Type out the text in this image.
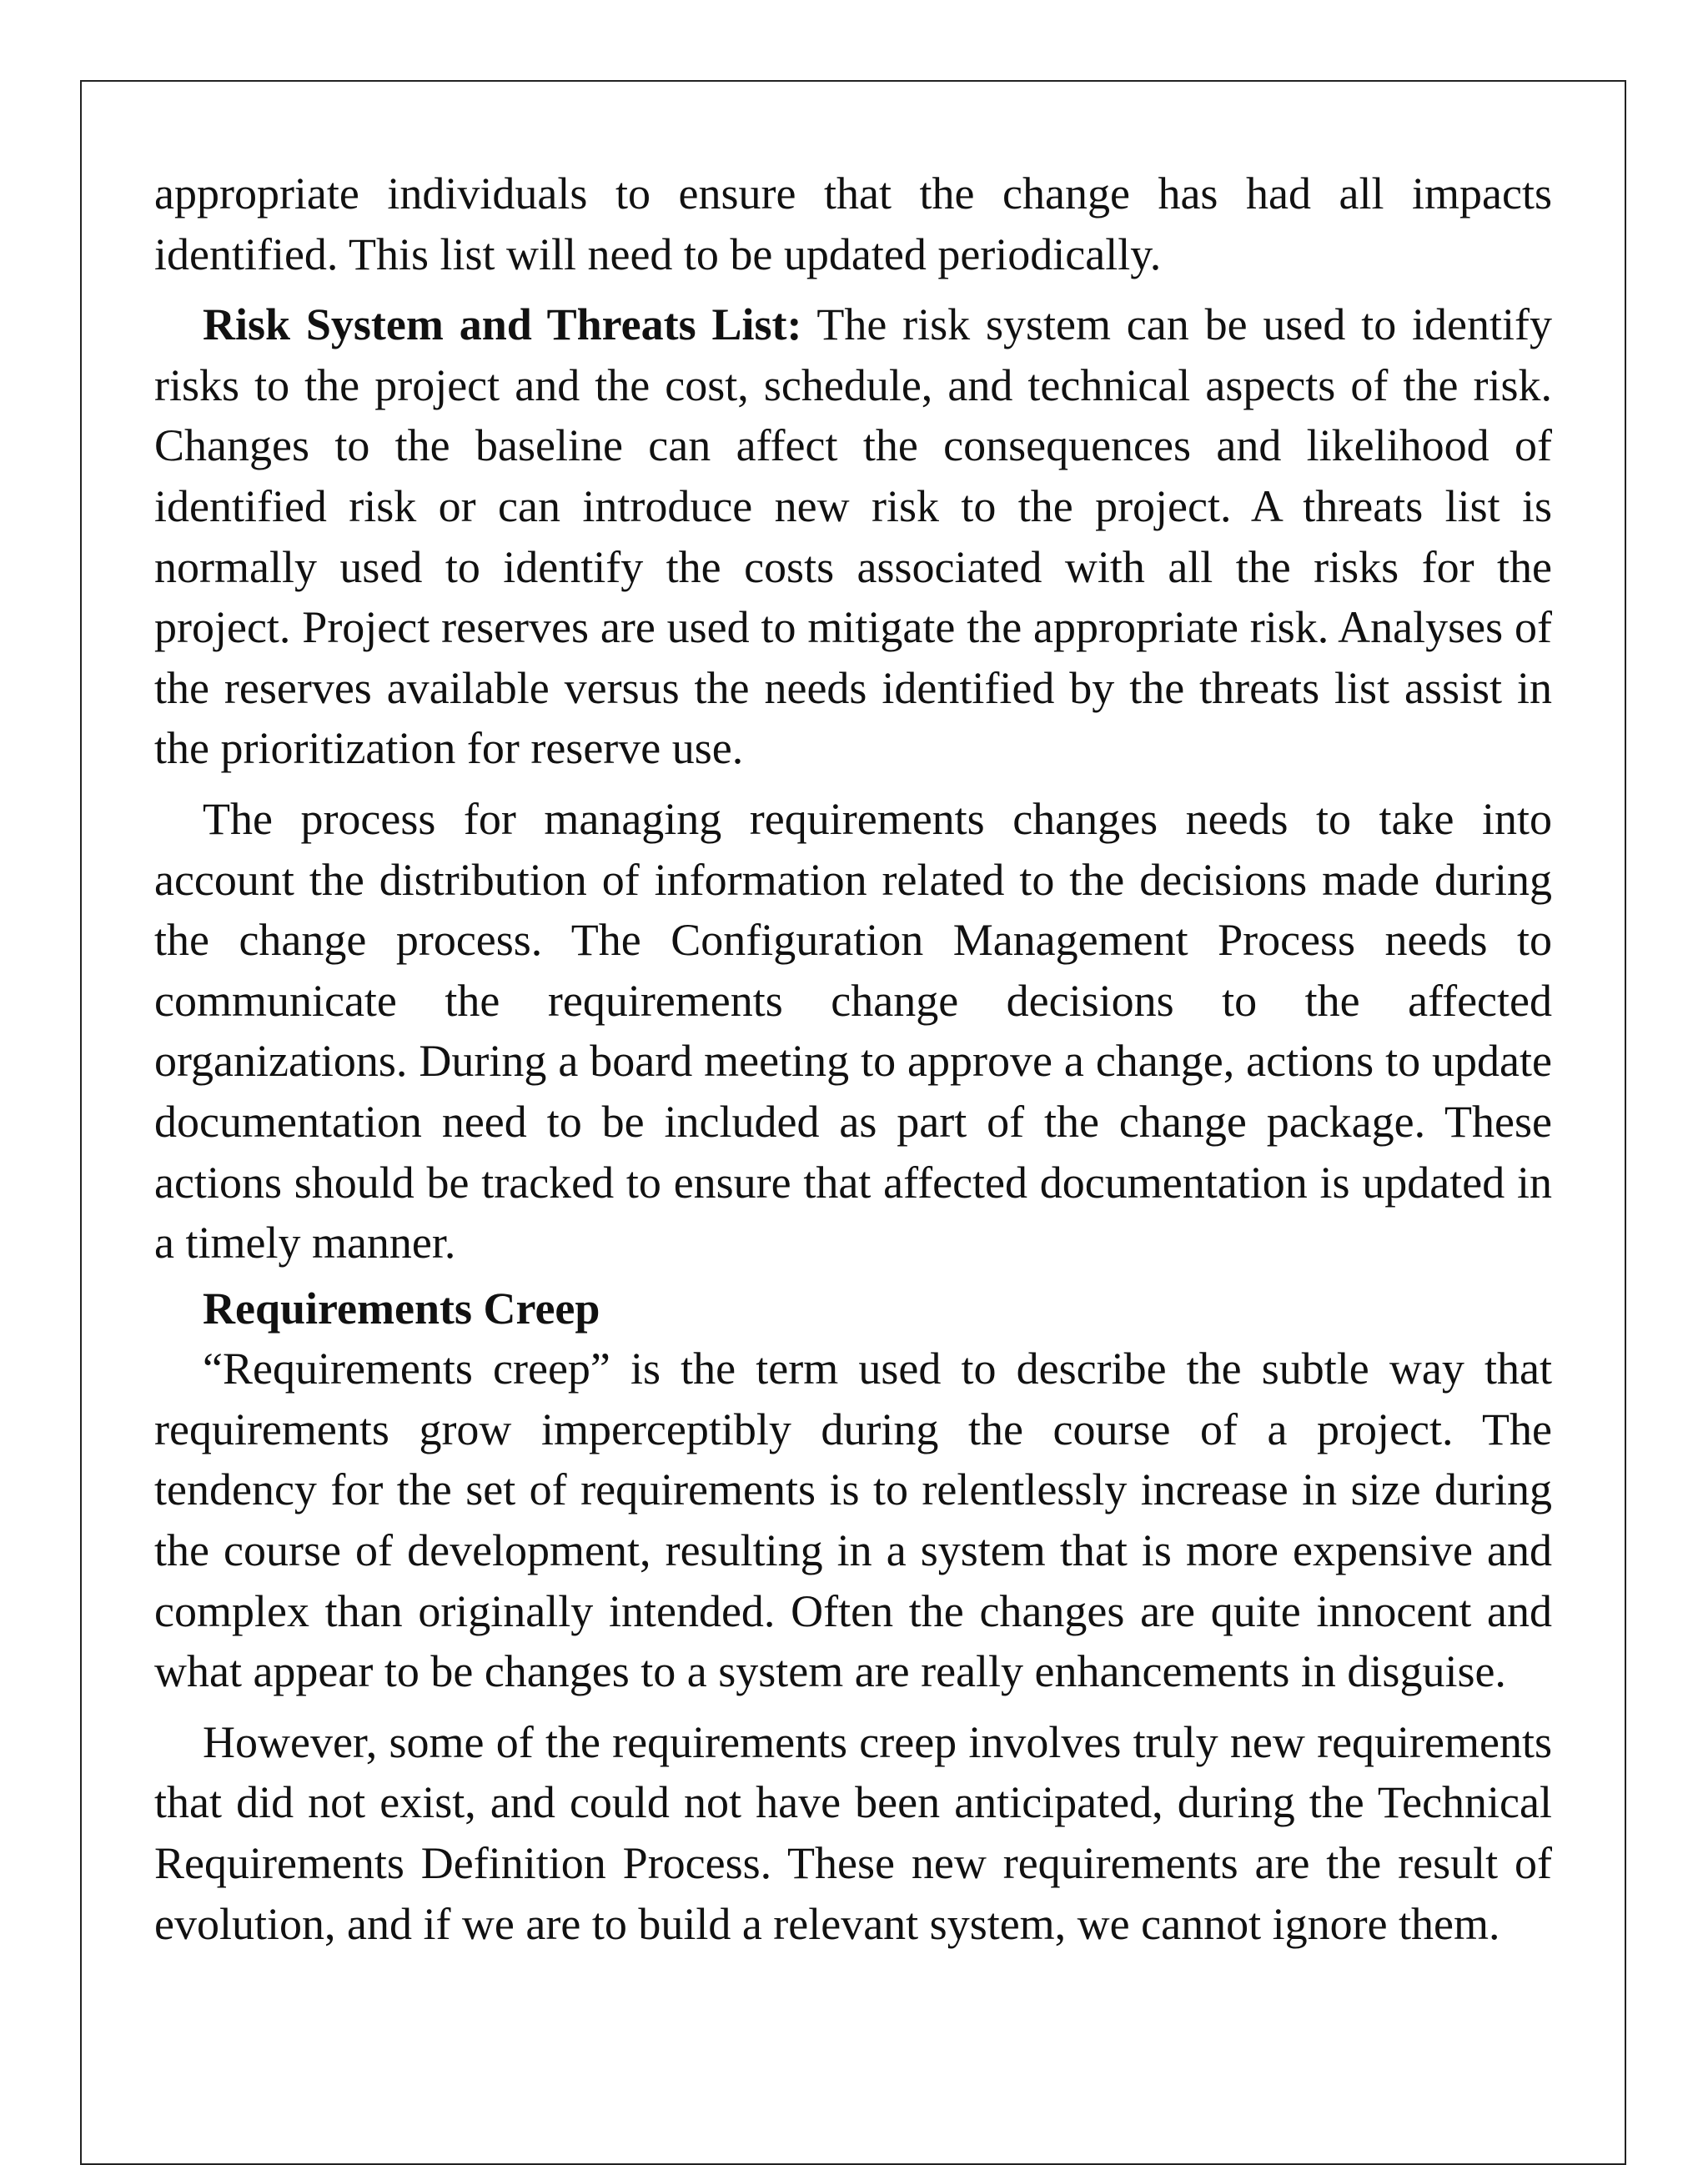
appropriate individuals to ensure that the change has had all impacts identified. This list will need to be updated periodically.

Risk System and Threats List: The risk system can be used to identify risks to the project and the cost, schedule, and technical aspects of the risk. Changes to the baseline can affect the consequences and likelihood of identified risk or can introduce new risk to the project. A threats list is normally used to identify the costs associated with all the risks for the project. Project reserves are used to mitigate the appropriate risk. Analyses of the reserves available versus the needs identified by the threats list assist in the prioritization for reserve use.

The process for managing requirements changes needs to take into account the distribution of information related to the decisions made during the change process. The Configuration Management Process needs to communicate the requirements change decisions to the affected organizations. During a board meeting to approve a change, actions to update documentation need to be included as part of the change package. These actions should be tracked to ensure that affected documentation is updated in a timely manner.

Requirements Creep

“Requirements creep” is the term used to describe the subtle way that requirements grow imperceptibly during the course of a project. The tendency for the set of requirements is to relentlessly increase in size during the course of development, resulting in a system that is more expensive and complex than originally intended. Often the changes are quite innocent and what appear to be changes to a system are really enhancements in disguise.

However, some of the requirements creep involves truly new requirements that did not exist, and could not have been anticipated, during the Technical Requirements Definition Process. These new requirements are the result of evolution, and if we are to build a relevant system, we cannot ignore them.
